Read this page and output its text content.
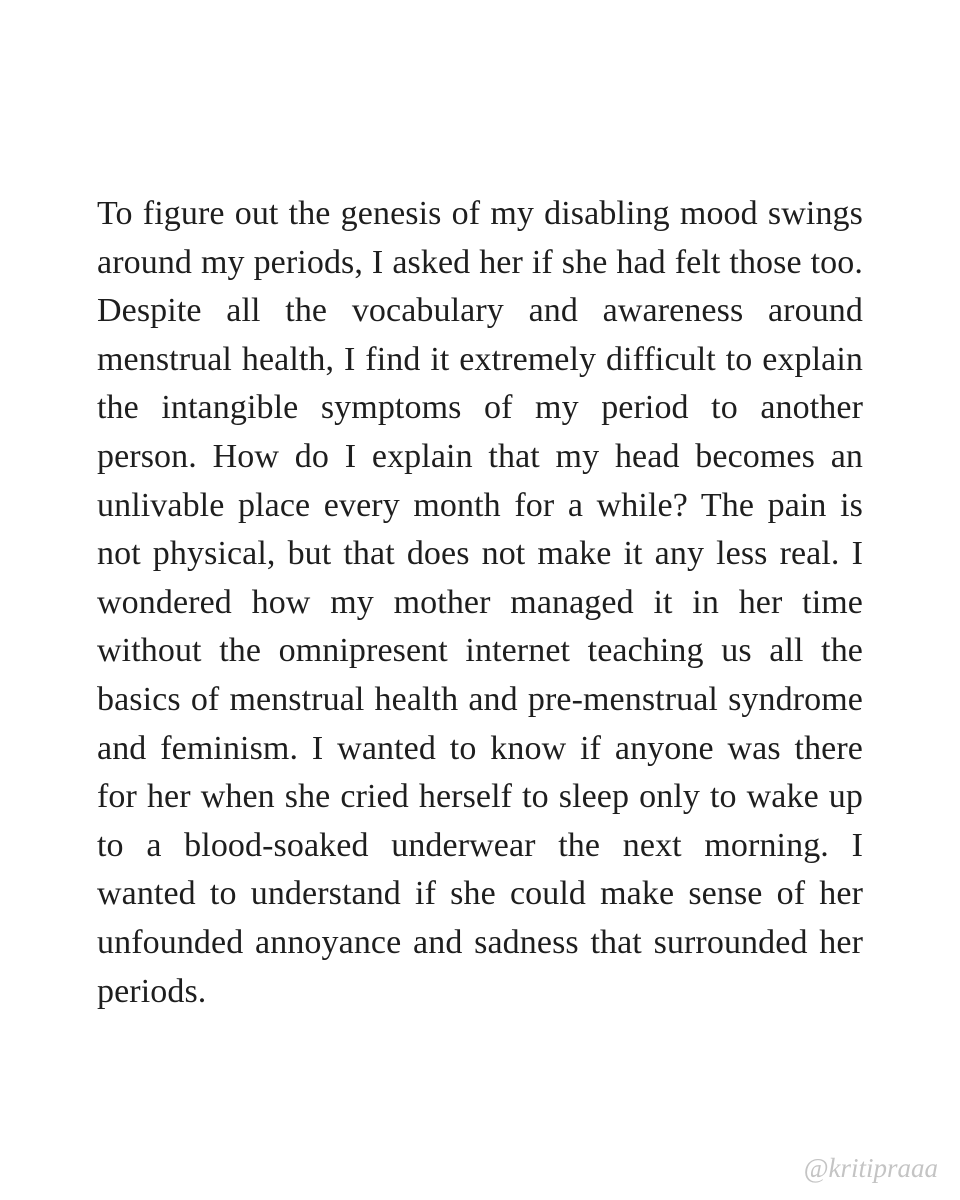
To figure out the genesis of my disabling mood swings around my periods, I asked her if she had felt those too. Despite all the vocabulary and awareness around menstrual health, I find it extremely difficult to explain the intangible symptoms of my period to another person. How do I explain that my head becomes an unlivable place every month for a while? The pain is not physical, but that does not make it any less real. I wondered how my mother managed it in her time without the omnipresent internet teaching us all the basics of menstrual health and pre-menstrual syndrome and feminism. I wanted to know if anyone was there for her when she cried herself to sleep only to wake up to a blood-soaked underwear the next morning. I wanted to understand if she could make sense of her unfounded annoyance and sadness that surrounded her periods.

@kritipraaa
